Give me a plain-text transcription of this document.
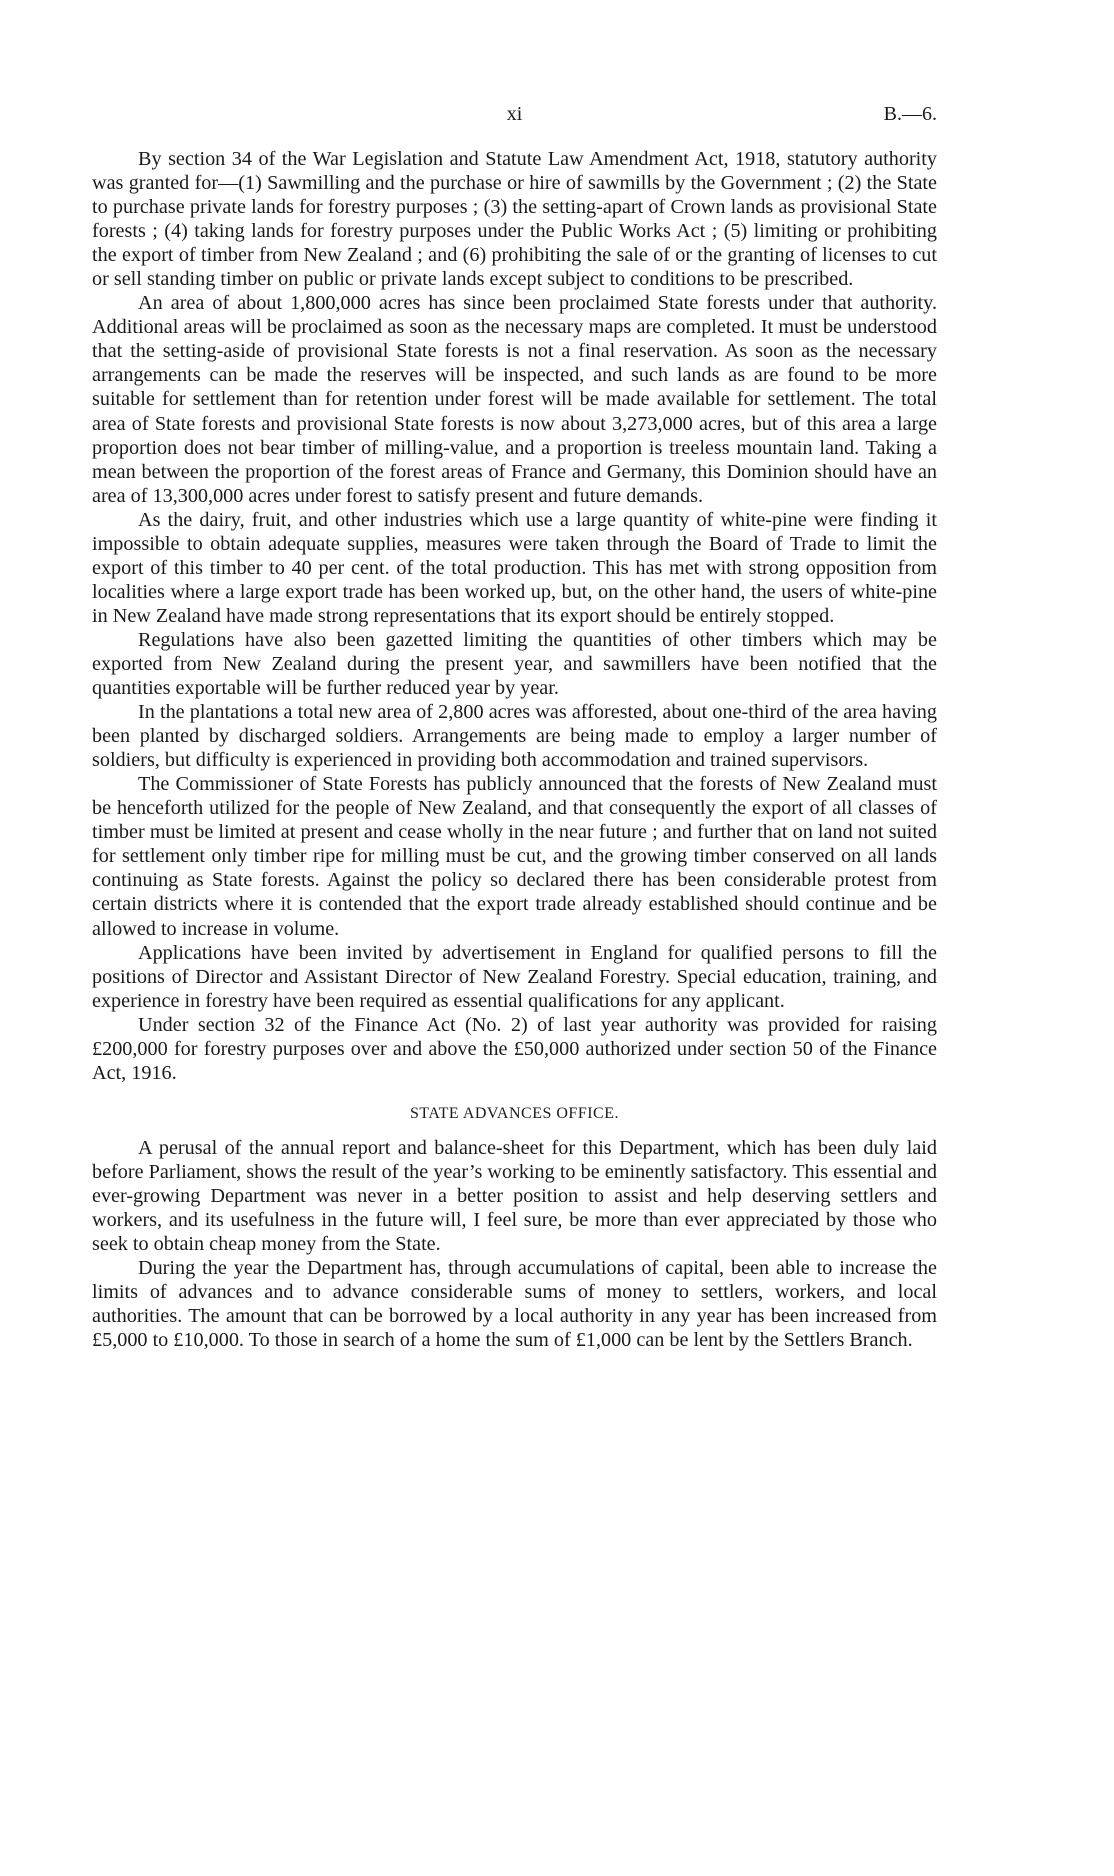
xi	B.—6.

By section 34 of the War Legislation and Statute Law Amendment Act, 1918, statutory authority was granted for—(1) Sawmilling and the purchase or hire of sawmills by the Government ; (2) the State to purchase private lands for forestry purposes ; (3) the setting-apart of Crown lands as provisional State forests ; (4) taking lands for forestry purposes under the Public Works Act ; (5) limiting or prohibiting the export of timber from New Zealand ; and (6) prohibiting the sale of or the granting of licenses to cut or sell standing timber on public or private lands except subject to conditions to be prescribed.

An area of about 1,800,000 acres has since been proclaimed State forests under that authority. Additional areas will be proclaimed as soon as the necessary maps are completed. It must be understood that the setting-aside of provisional State forests is not a final reservation. As soon as the necessary arrangements can be made the reserves will be inspected, and such lands as are found to be more suitable for settlement than for retention under forest will be made available for settlement. The total area of State forests and provisional State forests is now about 3,273,000 acres, but of this area a large proportion does not bear timber of milling-value, and a proportion is treeless mountain land. Taking a mean between the proportion of the forest areas of France and Germany, this Dominion should have an area of 13,300,000 acres under forest to satisfy present and future demands.

As the dairy, fruit, and other industries which use a large quantity of white-pine were finding it impossible to obtain adequate supplies, measures were taken through the Board of Trade to limit the export of this timber to 40 per cent. of the total production. This has met with strong opposition from localities where a large export trade has been worked up, but, on the other hand, the users of white-pine in New Zealand have made strong representations that its export should be entirely stopped.

Regulations have also been gazetted limiting the quantities of other timbers which may be exported from New Zealand during the present year, and sawmillers have been notified that the quantities exportable will be further reduced year by year.

In the plantations a total new area of 2,800 acres was afforested, about one-third of the area having been planted by discharged soldiers. Arrangements are being made to employ a larger number of soldiers, but difficulty is experienced in providing both accommodation and trained supervisors.

The Commissioner of State Forests has publicly announced that the forests of New Zealand must be henceforth utilized for the people of New Zealand, and that consequently the export of all classes of timber must be limited at present and cease wholly in the near future ; and further that on land not suited for settlement only timber ripe for milling must be cut, and the growing timber conserved on all lands continuing as State forests. Against the policy so declared there has been considerable protest from certain districts where it is contended that the export trade already established should continue and be allowed to increase in volume.

Applications have been invited by advertisement in England for qualified persons to fill the positions of Director and Assistant Director of New Zealand Forestry. Special education, training, and experience in forestry have been required as essential qualifications for any applicant.

Under section 32 of the Finance Act (No. 2) of last year authority was provided for raising £200,000 for forestry purposes over and above the £50,000 authorized under section 50 of the Finance Act, 1916.

STATE ADVANCES OFFICE.

A perusal of the annual report and balance-sheet for this Department, which has been duly laid before Parliament, shows the result of the year’s working to be eminently satisfactory. This essential and ever-growing Department was never in a better position to assist and help deserving settlers and workers, and its usefulness in the future will, I feel sure, be more than ever appreciated by those who seek to obtain cheap money from the State.

During the year the Department has, through accumulations of capital, been able to increase the limits of advances and to advance considerable sums of money to settlers, workers, and local authorities. The amount that can be borrowed by a local authority in any year has been increased from £5,000 to £10,000. To those in search of a home the sum of £1,000 can be lent by the Settlers Branch.
